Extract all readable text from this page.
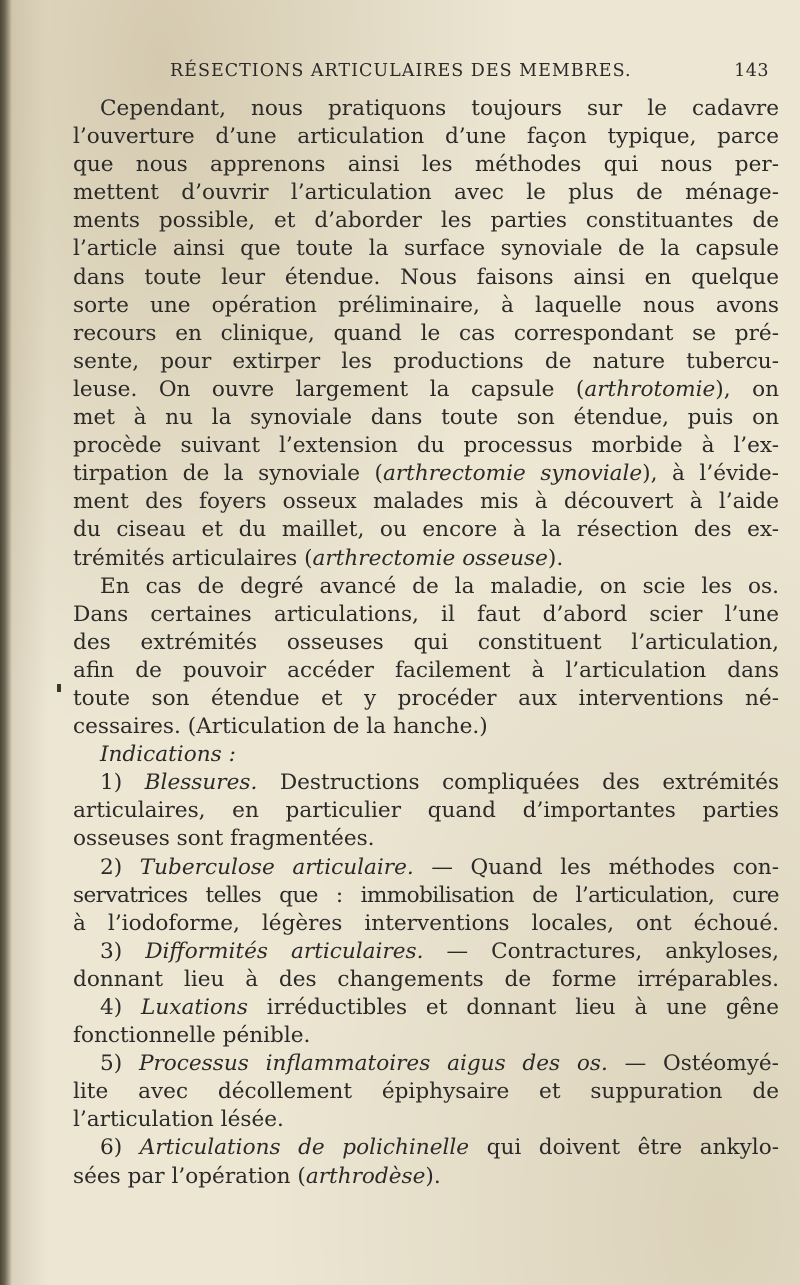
RÉSECTIONS ARTICULAIRES DES MEMBRES.	143
Cependant, nous pratiquons toujours sur le cadavre
l’ouverture d’une articulation d’une façon typique, parce
que nous apprenons ainsi les méthodes qui nous per-
mettent d’ouvrir l’articulation avec le plus de ménage-
ments possible, et d’aborder les parties constituantes de
l’article ainsi que toute la surface synoviale de la capsule
dans toute leur étendue. Nous faisons ainsi en quelque
sorte une opération préliminaire, à laquelle nous avons
recours en clinique, quand le cas correspondant se pré-
sente, pour extirper les productions de nature tubercu-
leuse. On ouvre largement la capsule (arthrotomie), on
met à nu la synoviale dans toute son étendue, puis on
procède suivant l’extension du processus morbide à l’ex-
tirpation de la synoviale (arthrectomie synoviale), à l’évide-
ment des foyers osseux malades mis à découvert à l’aide
du ciseau et du maillet, ou encore à la résection des ex-
trémités articulaires (arthrectomie osseuse).
En cas de degré avancé de la maladie, on scie les os.
Dans certaines articulations, il faut d’abord scier l’une
des extrémités osseuses qui constituent l’articulation,
afin de pouvoir accéder facilement à l’articulation dans
toute son étendue et y procéder aux interventions né-
cessaires. (Articulation de la hanche.)
Indications :
1) Blessures. Destructions compliquées des extrémités
articulaires, en particulier quand d’importantes parties
osseuses sont fragmentées.
2) Tuberculose articulaire. — Quand les méthodes con-
servatrices telles que : immobilisation de l’articulation, cure
à l’iodoforme, légères interventions locales, ont échoué.
3) Difformités articulaires. — Contractures, ankyloses,
donnant lieu à des changements de forme irréparables.
4) Luxations irréductibles et donnant lieu à une gêne
fonctionnelle pénible.
5) Processus inflammatoires aigus des os. — Ostéomyé-
lite avec décollement épiphysaire et suppuration de
l’articulation lésée.
6) Articulations de polichinelle qui doivent être ankylo-
sées par l’opération (arthrodèse).
